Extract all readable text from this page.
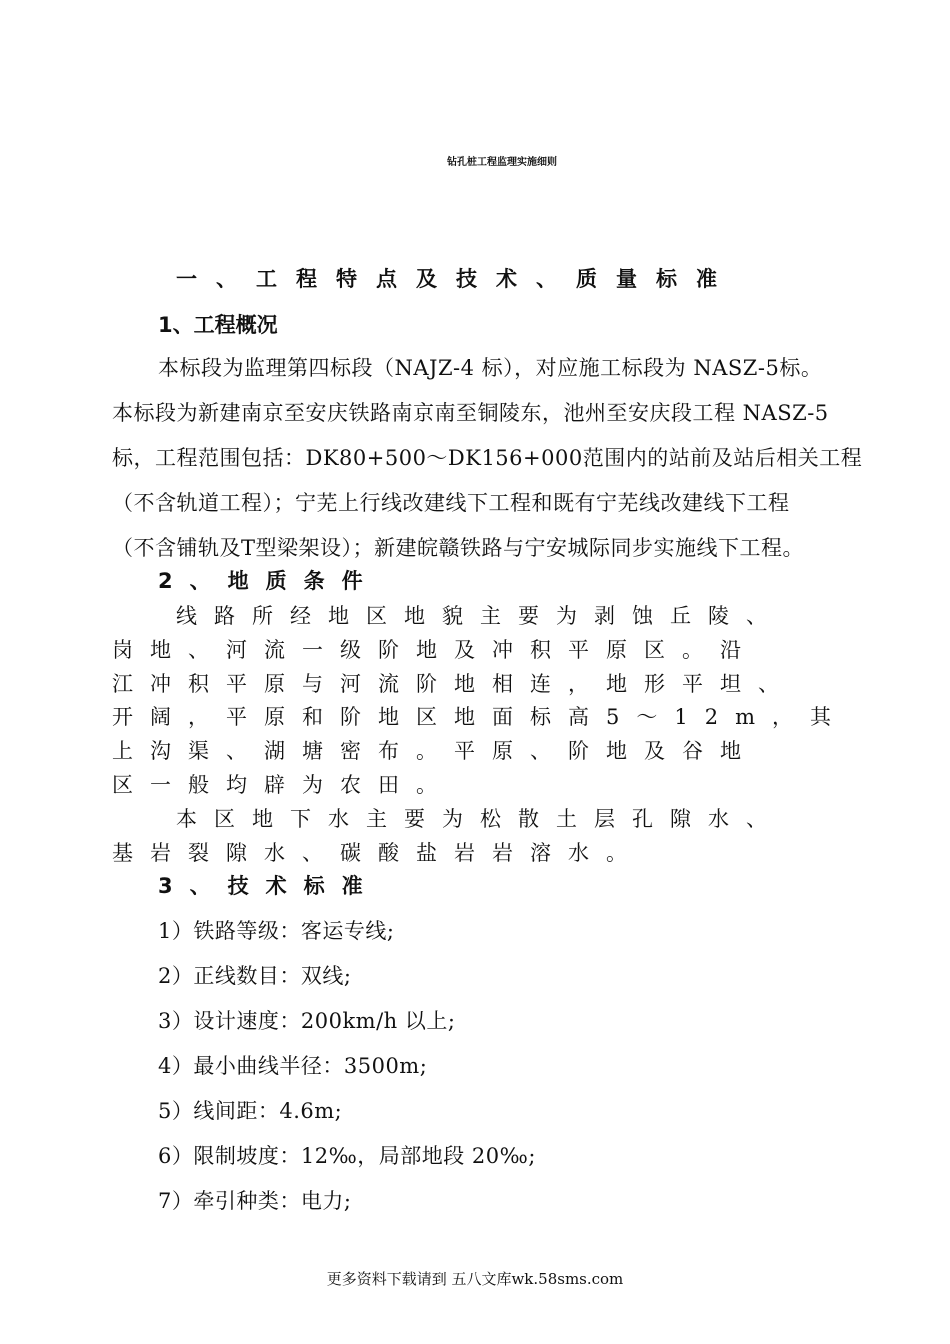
钻孔桩工程监理实施细则
一、工程特点及技术、质量标准
1、工程概况
本标段为监理第四标段（NAJZ-4 标），对应施工标段为 NASZ-5标。
本标段为新建南京至安庆铁路南京南至铜陵东，池州至安庆段工程 NASZ-5
标，工程范围包括：DK80+500～DK156+000范围内的站前及站后相关工程
（不含轨道工程）；宁芜上行线改建线下工程和既有宁芜线改建线下工程
（不含铺轨及T型梁架设）；新建皖赣铁路与宁安城际同步实施线下工程。
2、地质条件
线路所经地区地貌主要为剥蚀丘陵、
岗地、河流一级阶地及冲积平原区。沿
江冲积平原与河流阶地相连，地形平坦、
开阔，平原和阶地区地面标高5～12m，其
上沟渠、湖塘密布。平原、阶地及谷地
区一般均辟为农田。
本区地下水主要为松散土层孔隙水、
基岩裂隙水、碳酸盐岩岩溶水。
3、技术标准
1）铁路等级：客运专线;
2）正线数目：双线;
3）设计速度：200km/h 以上;
4）最小曲线半径：3500m;
5）线间距：4.6m;
6）限制坡度：12‰，局部地段 20‰;
7）牵引种类：电力;
更多资料下载请到 五八文库wk.58sms.com
